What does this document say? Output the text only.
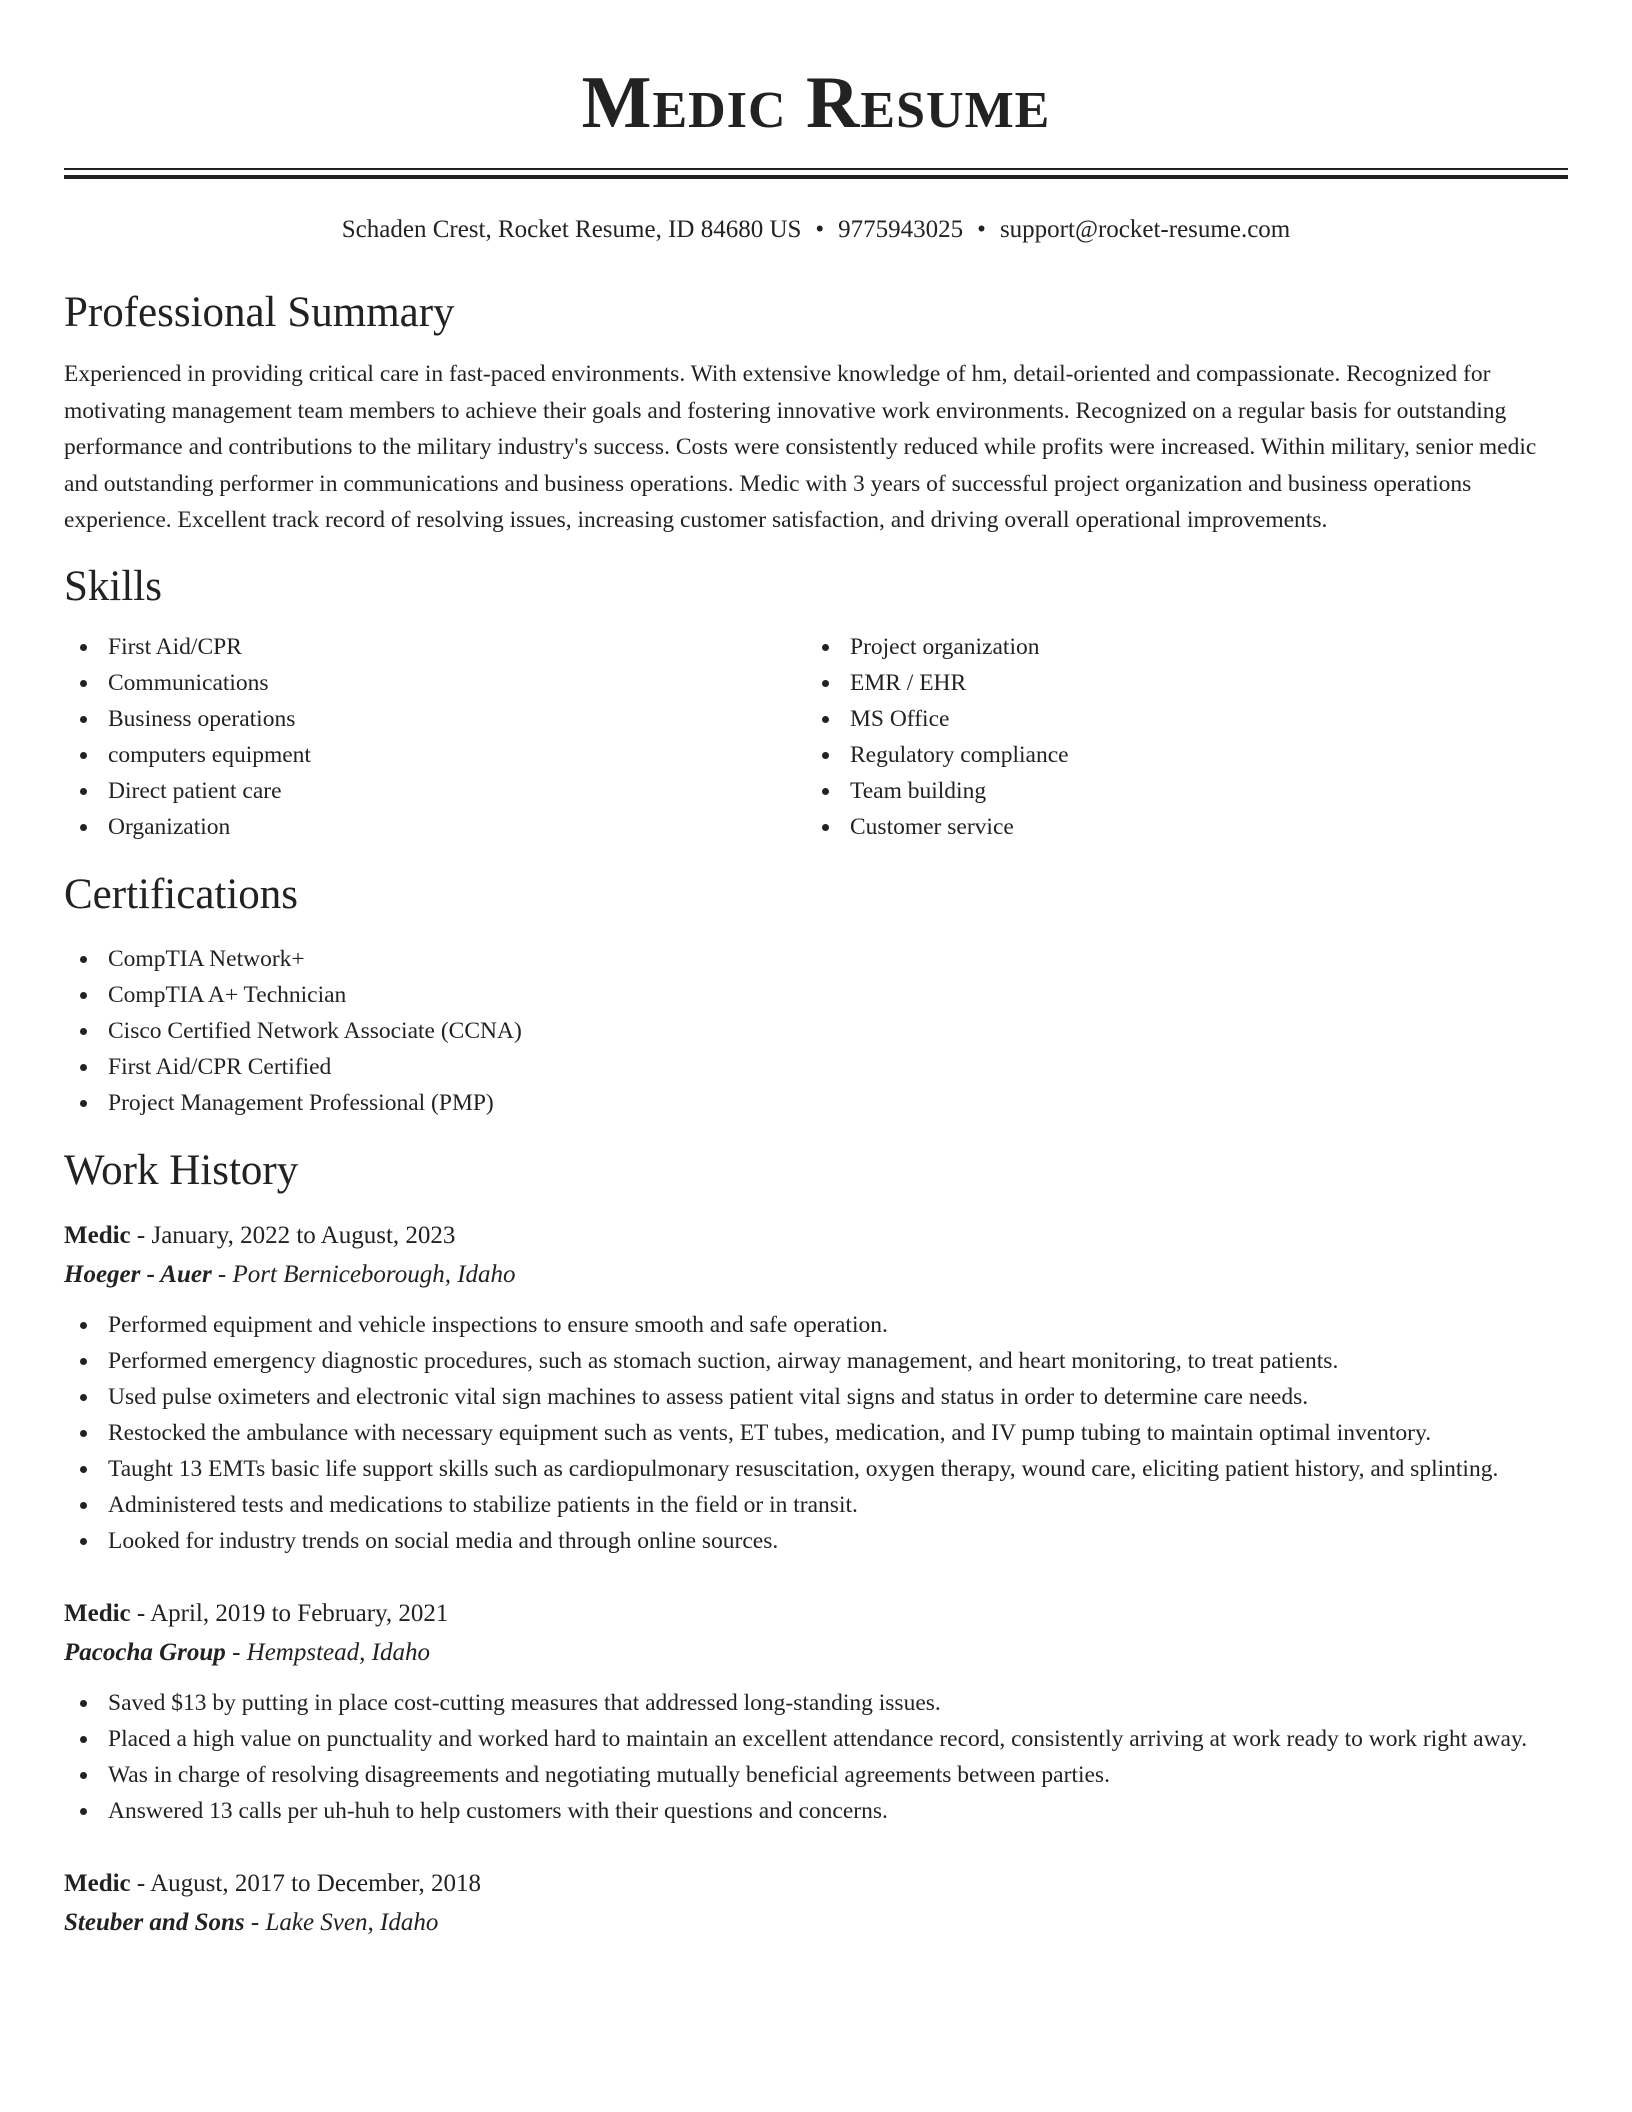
Medic Resume
Schaden Crest, Rocket Resume, ID 84680 US • 9775943025 • support@rocket-resume.com
Professional Summary

Experienced in providing critical care in fast-paced environments. With extensive knowledge of hm, detail-oriented and compassionate. Recognized for motivating management team members to achieve their goals and fostering innovative work environments. Recognized on a regular basis for outstanding performance and contributions to the military industry's success. Costs were consistently reduced while profits were increased. Within military, senior medic and outstanding performer in communications and business operations. Medic with 3 years of successful project organization and business operations experience. Excellent track record of resolving issues, increasing customer satisfaction, and driving overall operational improvements.

Skills
First Aid/CPR
Communications
Business operations
computers equipment
Direct patient care
Organization
Project organization
EMR / EHR
MS Office
Regulatory compliance
Team building
Customer service
Certifications
CompTIA Network+
CompTIA A+ Technician
Cisco Certified Network Associate (CCNA)
First Aid/CPR Certified
Project Management Professional (PMP)
Work History
Medic - January, 2022 to August, 2023
Hoeger - Auer - Port Berniceborough, Idaho
Performed equipment and vehicle inspections to ensure smooth and safe operation.
Performed emergency diagnostic procedures, such as stomach suction, airway management, and heart monitoring, to treat patients.
Used pulse oximeters and electronic vital sign machines to assess patient vital signs and status in order to determine care needs.
Restocked the ambulance with necessary equipment such as vents, ET tubes, medication, and IV pump tubing to maintain optimal inventory.
Taught 13 EMTs basic life support skills such as cardiopulmonary resuscitation, oxygen therapy, wound care, eliciting patient history, and splinting.
Administered tests and medications to stabilize patients in the field or in transit.
Looked for industry trends on social media and through online sources.
Medic - April, 2019 to February, 2021
Pacocha Group - Hempstead, Idaho
Saved $13 by putting in place cost-cutting measures that addressed long-standing issues.
Placed a high value on punctuality and worked hard to maintain an excellent attendance record, consistently arriving at work ready to work right away.
Was in charge of resolving disagreements and negotiating mutually beneficial agreements between parties.
Answered 13 calls per uh-huh to help customers with their questions and concerns.
Medic - August, 2017 to December, 2018
Steuber and Sons - Lake Sven, Idaho
